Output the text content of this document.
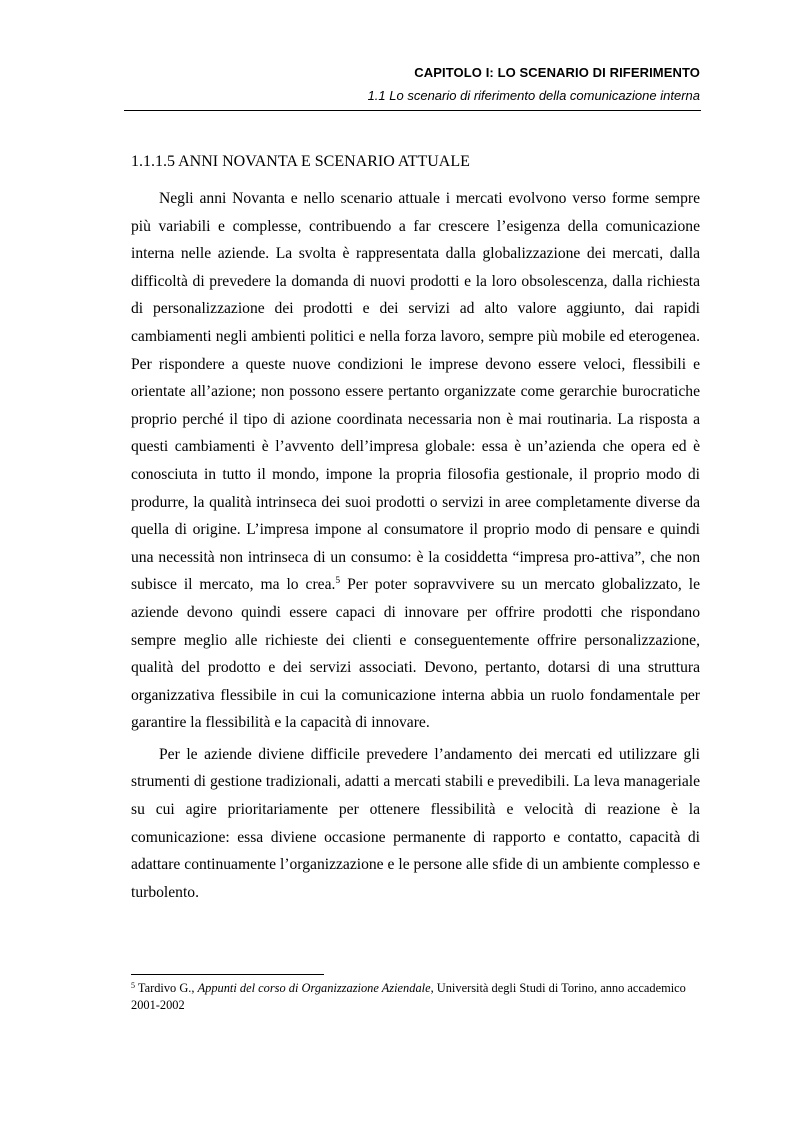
CAPITOLO I: LO SCENARIO DI RIFERIMENTO
1.1 Lo scenario di riferimento della comunicazione interna
1.1.1.5 ANNI NOVANTA E SCENARIO ATTUALE

Negli anni Novanta e nello scenario attuale i mercati evolvono verso forme sempre più variabili e complesse, contribuendo a far crescere l’esigenza della comunicazione interna nelle aziende. La svolta è rappresentata dalla globalizzazione dei mercati, dalla difficoltà di prevedere la domanda di nuovi prodotti e la loro obsolescenza, dalla richiesta di personalizzazione dei prodotti e dei servizi ad alto valore aggiunto, dai rapidi cambiamenti negli ambienti politici e nella forza lavoro, sempre più mobile ed eterogenea. Per rispondere a queste nuove condizioni le imprese devono essere veloci, flessibili e orientate all’azione; non possono essere pertanto organizzate come gerarchie burocratiche proprio perché il tipo di azione coordinata necessaria non è mai routinaria. La risposta a questi cambiamenti è l’avvento dell’impresa globale: essa è un’azienda che opera ed è conosciuta in tutto il mondo, impone la propria filosofia gestionale, il proprio modo di produrre, la qualità intrinseca dei suoi prodotti o servizi in aree completamente diverse da quella di origine. L’impresa impone al consumatore il proprio modo di pensare e quindi una necessità non intrinseca di un consumo: è la cosiddetta “impresa pro-attiva”, che non subisce il mercato, ma lo crea.$^5$ Per poter sopravvivere su un mercato globalizzato, le aziende devono quindi essere capaci di innovare per offrire prodotti che rispondano sempre meglio alle richieste dei clienti e conseguentemente offrire personalizzazione, qualità del prodotto e dei servizi associati. Devono, pertanto, dotarsi di una struttura organizzativa flessibile in cui la comunicazione interna abbia un ruolo fondamentale per garantire la flessibilità e la capacità di innovare.

Per le aziende diviene difficile prevedere l’andamento dei mercati ed utilizzare gli strumenti di gestione tradizionali, adatti a mercati stabili e prevedibili. La leva manageriale su cui agire prioritariamente per ottenere flessibilità e velocità di reazione è la comunicazione: essa diviene occasione permanente di rapporto e contatto, capacità di adattare continuamente l’organizzazione e le persone alle sfide di un ambiente complesso e turbolento.

$^5$ Tardivo G., Appunti del corso di Organizzazione Aziendale, Università degli Studi di Torino, anno accademico 2001-2002
